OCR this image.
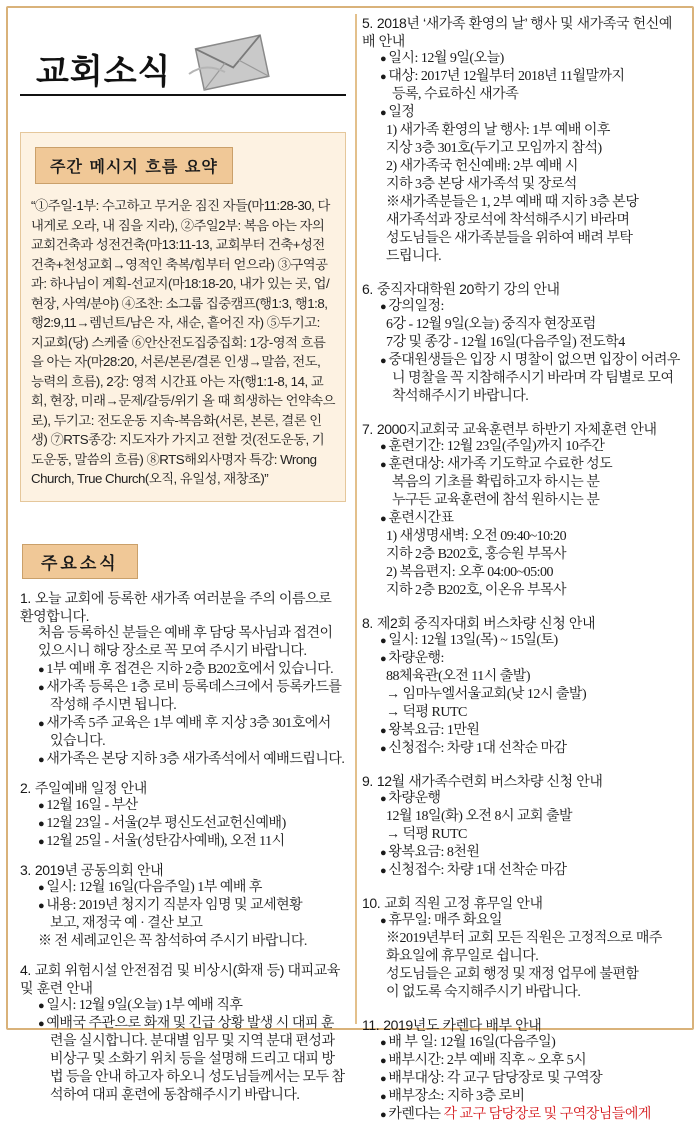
교회소식
주간 메시지 흐름 요약
“①주일-1부: 수고하고 무거운 짐진 자들(마11:28-30, 다 내게로 오라, 내 짐을 지라), ②주일2부: 복음 아는 자의 교회건축과 성전건축(마13:11-13, 교회부터 건축+성전건축+천성교회→영적인 축복/힘부터 얻으라) ③구역공과: 하나님이 계획-선교지(마18:18-20, 내가 있는 곳, 업/현장, 사역/분야) ④조찬: 소그룹 집중캠프(행1:3, 행1:8, 행2:9,11→렘넌트/남은 자, 새순, 흩어진 자) ⑤두기고: 지교회(당) 스케줄 ⑥안산전도집중집회: 1강-영적 흐름을 아는 자(마28:20, 서론/본론/결론 인생→말씀, 전도, 능력의 흐름), 2강: 영적 시간표 아는 자(행1:1-8, 14, 교회, 현장, 미래→문제/갈등/위기 올 때 희생하는 언약속으로), 두기고: 전도운동 지속-복음화(서론, 본론, 결론 인생) ⑦RTS종강: 지도자가 가지고 전할 것(전도운동, 기도운동, 말씀의 흐름) ⑧RTS해외사명자 특강: Wrong Church, True Church(오직, 유일성, 재창조)”
주요소식
1. 오늘 교회에 등록한 새가족 여러분을 주의 이름으로 환영합니다.
처음 등록하신 분들은 예배 후 담당 목사님과 접견이 있으시니 해당 장소로 꼭 모여 주시기 바랍니다.
● 1부 예배 후 접견은 지하 2층 B202호에서 있습니다.
● 새가족 등록은 1층 로비 등록데스크에서 등록카드를 작성해 주시면 됩니다.
● 새가족 5주 교육은 1부 예배 후 지상 3층 301호에서 있습니다.
● 새가족은 본당 지하 3층 새가족석에서 예배드립니다.
2. 주일예배 일정 안내
● 12월 16일 - 부산
● 12월 23일 - 서울(2부 평신도선교헌신예배)
● 12월 25일 - 서울(성탄감사예배), 오전 11시
3. 2019년 공동의회 안내
● 일시: 12월 16일(다음주일) 1부 예배 후
● 내용: 2019년 청지기 직분자 임명 및 교세현황
보고, 재정국 예 · 결산 보고
※ 전 세례교인은 꼭 참석하여 주시기 바랍니다.
4. 교회 위험시설 안전점검 및 비상시(화재 등) 대피교육 및 훈련 안내
● 일시: 12월 9일(오늘) 1부 예배 직후
● 예배국 주관으로 화재 및 긴급 상황 발생 시 대피 훈련을 실시합니다. 분대별 임무 및 지역 분대 편성과 비상구 및 소화기 위치 등을 설명해 드리고 대피 방법 등을 안내 하고자 하오니 성도님들께서는 모두 참석하여 대피 훈련에 동참해주시기 바랍니다.
5. 2018년 ‘새가족 환영의 날’ 행사 및 새가족국 헌신예배 안내
● 일시: 12월 9일(오늘)
● 대상: 2017년 12월부터 2018년 11월말까지
등록, 수료하신 새가족
● 일정
1) 새가족 환영의 날 행사: 1부 예배 이후
지상 3층 301호(두기고 모임까지 참석)
2) 새가족국 헌신예배: 2부 예배 시
지하 3층 본당 새가족석 및 장로석
※새가족분들은 1, 2부 예배 때 지하 3층 본당
새가족석과 장로석에 착석해주시기 바라며
성도님들은 새가족분들을 위하여 배려 부탁
드립니다.
6. 중직자대학원 20학기 강의 안내
● 강의일정:
6강 - 12월 9일(오늘) 중직자 현장포럼
7강 및 종강 - 12월 16일(다음주일) 전도학4
● 중대원생들은 입장 시 명찰이 없으면 입장이 어려우니 명찰을 꼭 지참해주시기 바라며 각 팀별로 모여 착석해주시기 바랍니다.
7. 2000지교회국 교육훈련부 하반기 자체훈련 안내
● 훈련기간: 12월 23일(주일)까지 10주간
● 훈련대상: 새가족 기도학교 수료한 성도
복음의 기초를 확립하고자 하시는 분
누구든 교육훈련에 참석 원하시는 분
● 훈련시간표
1) 새생명새벽: 오전 09:40~10:20
지하 2층 B202호, 홍승원 부목사
2) 복음편지: 오후 04:00~05:00
지하 2층 B202호, 이온유 부목사
8. 제2회 중직자대회 버스차량 신청 안내
● 일시: 12월 13일(목) ~ 15일(토)
● 차량운행:
88체육관(오전 11시 출발)
→ 임마누엘서울교회(낮 12시 출발)
→ 덕평 RUTC
● 왕복요금: 1만원
● 신청접수: 차량 1대 선착순 마감
9. 12월 새가족수련회 버스차량 신청 안내
● 차량운행
12월 18일(화) 오전 8시 교회 출발
→ 덕평 RUTC
● 왕복요금: 8천원
● 신청접수: 차량 1대 선착순 마감
10. 교회 직원 고정 휴무일 안내
● 휴무일: 매주 화요일
※2019년부터 교회 모든 직원은 고정적으로 매주
화요일에 휴무일로 쉽니다.
성도님들은 교회 행정 및 재정 업무에 불편함
이 없도록 숙지해주시기 바랍니다.
11. 2019년도 카렌다 배부 안내
● 배 부 일: 12월 16일(다음주일)
● 배부시간: 2부 예배 직후 ~ 오후 5시
● 배부대상: 각 교구 담당장로 및 구역장
● 배부장소: 지하 3층 로비
● 카렌다는 각 교구 담당장로 및 구역장님들에게
